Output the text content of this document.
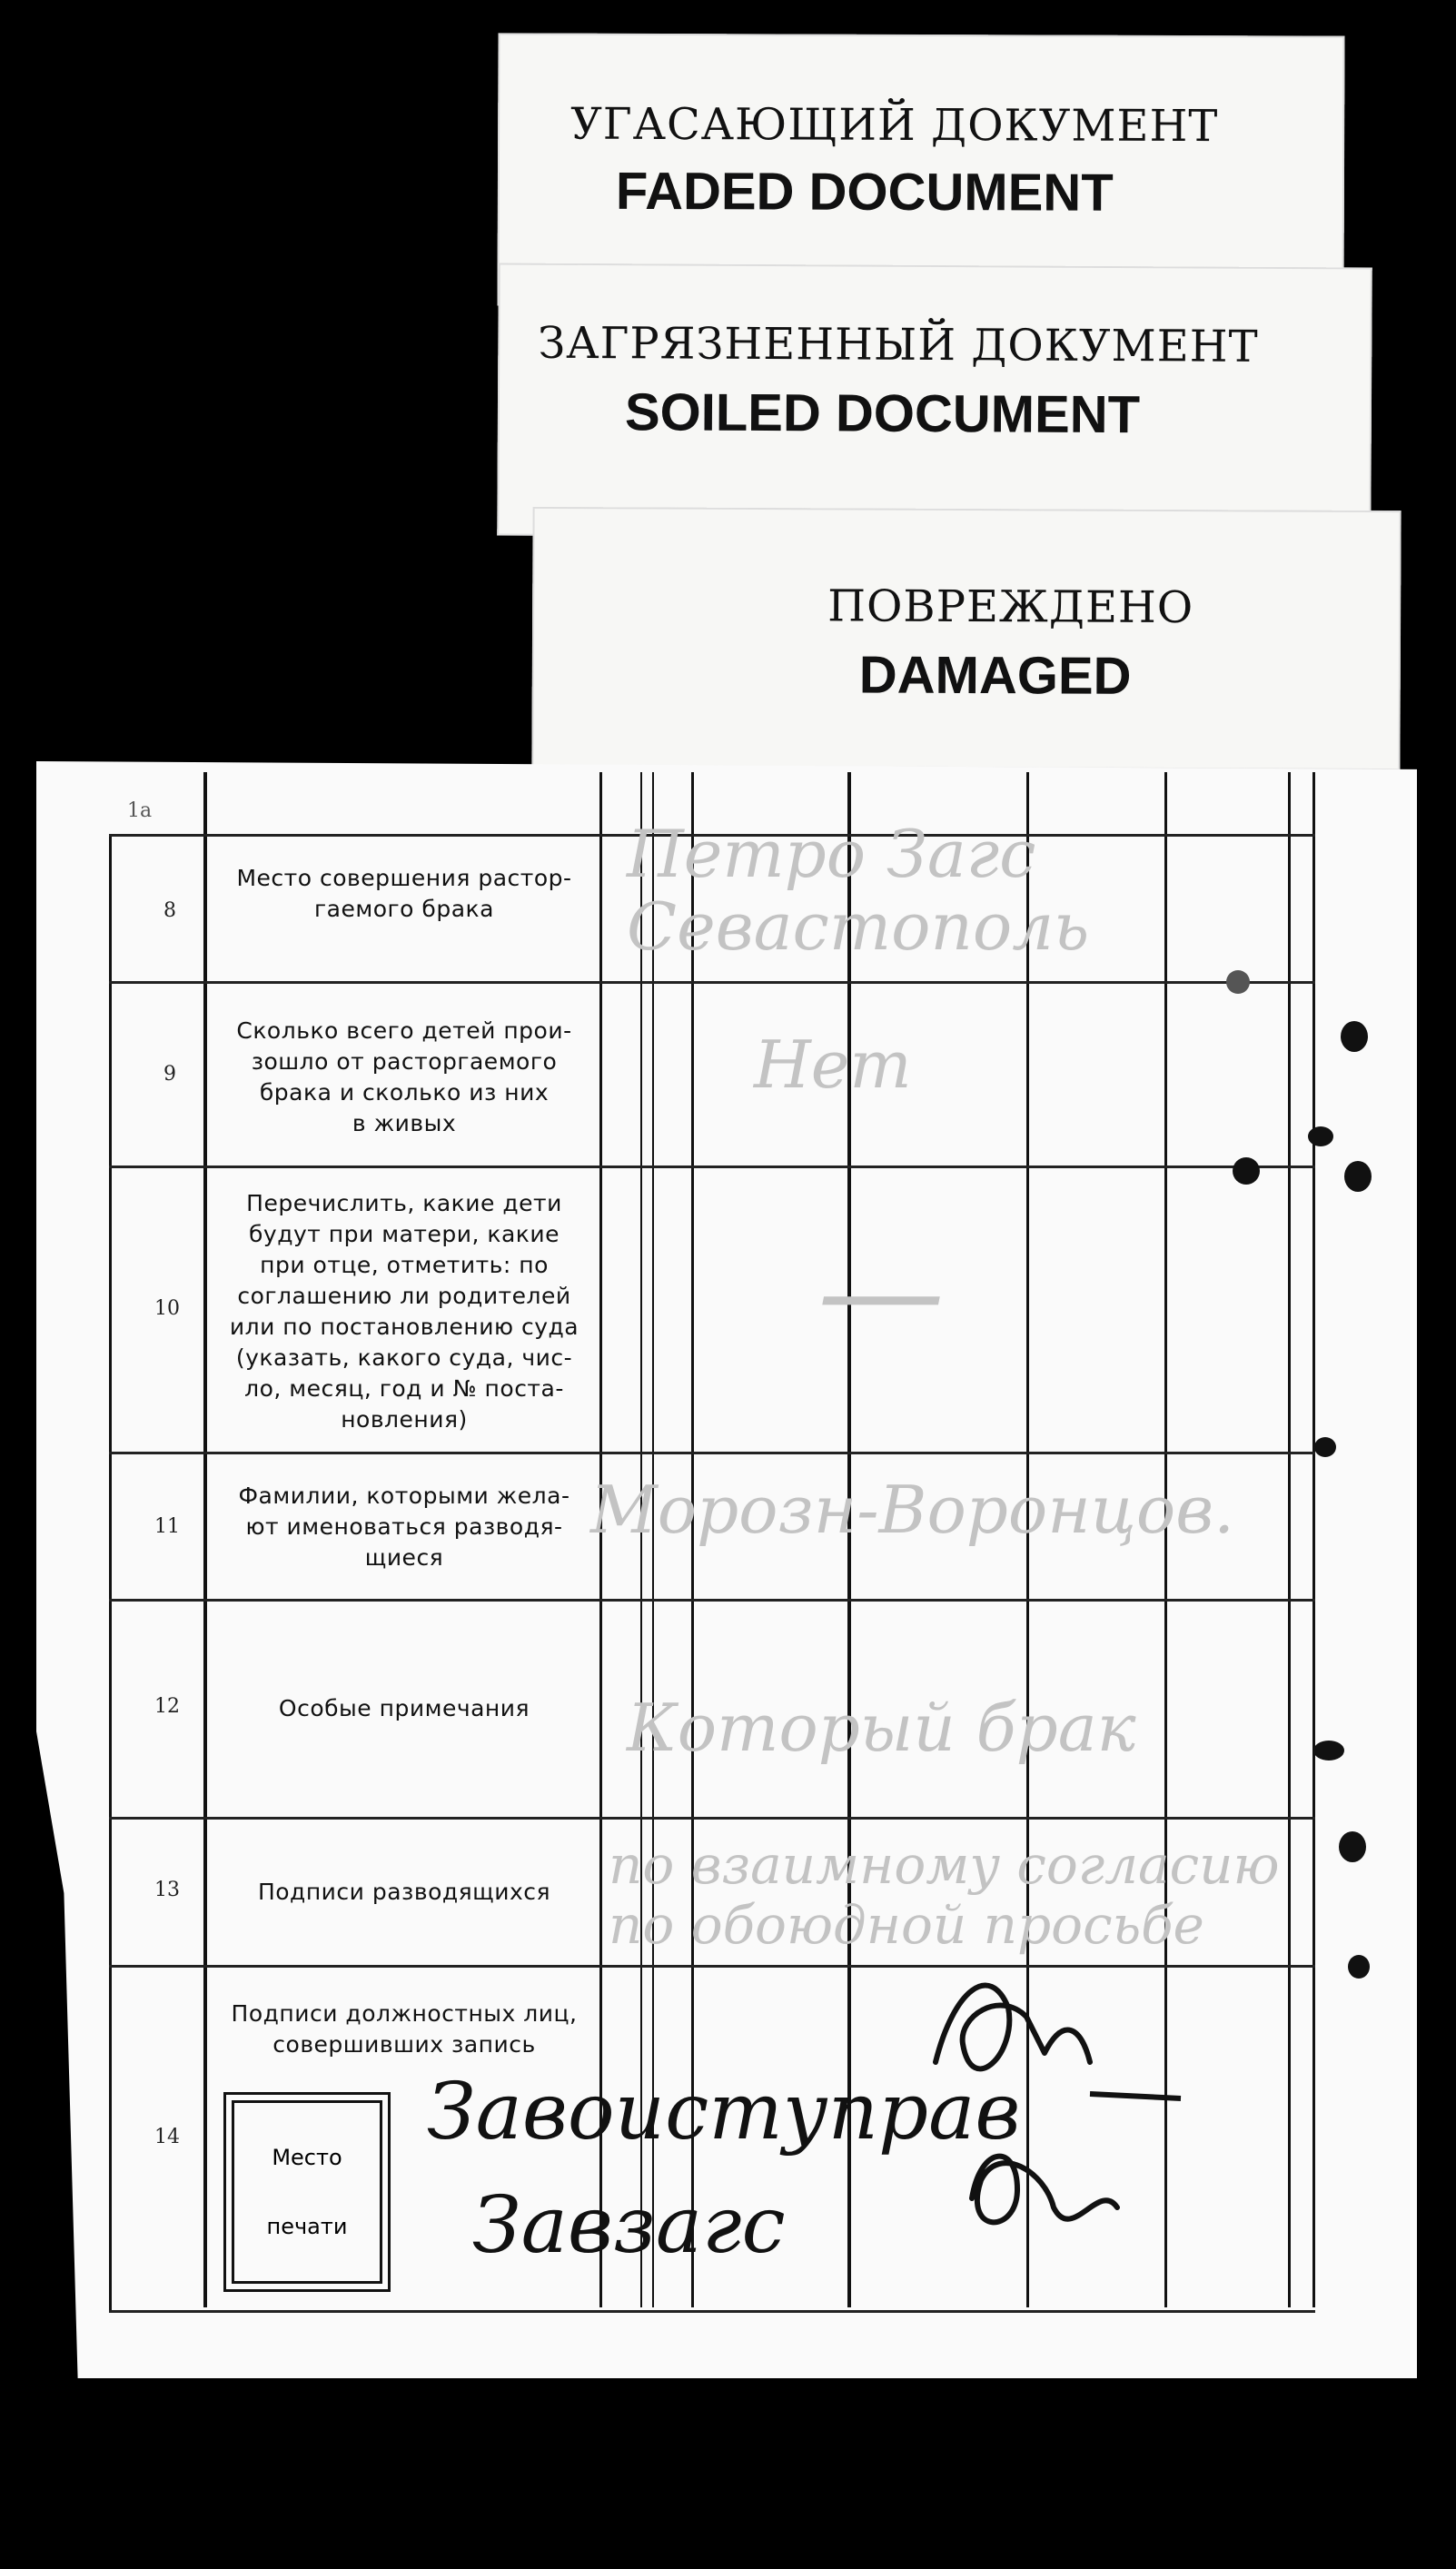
УГАСАЮЩИЙ ДОКУМЕНТ
FADED DOCUMENT
ЗАГРЯЗНЕННЫЙ ДОКУМЕНТ
SOILED DOCUMENT
ПОВРЕЖДЕНО
DAMAGED
8
9
10
11
12
13
14
1а
Место совершения растор-
гаемого брака
Сколько всего детей прои-
зошло от расторгаемого
брака и сколько из них
в живых
Перечислить, какие дети
будут при матери, какие
при отце, отметить: по
соглашению ли родителей
или по постановлению суда
(указать, какого суда, чис-
ло, месяц, год и № поста-
новления)
Фамилии, которыми жела-
ют именоваться разводя-
щиеся
Особые примечания
Подписи разводящихся
Подписи должностных лиц,
совершивших запись
Петро Загс
Севастополь
Нет
—
Морозн-Воронцов.
Который брак
по взаимному согласию
по обоюдной просьбе
Место
печати
Завоиступрав
Завзагс
